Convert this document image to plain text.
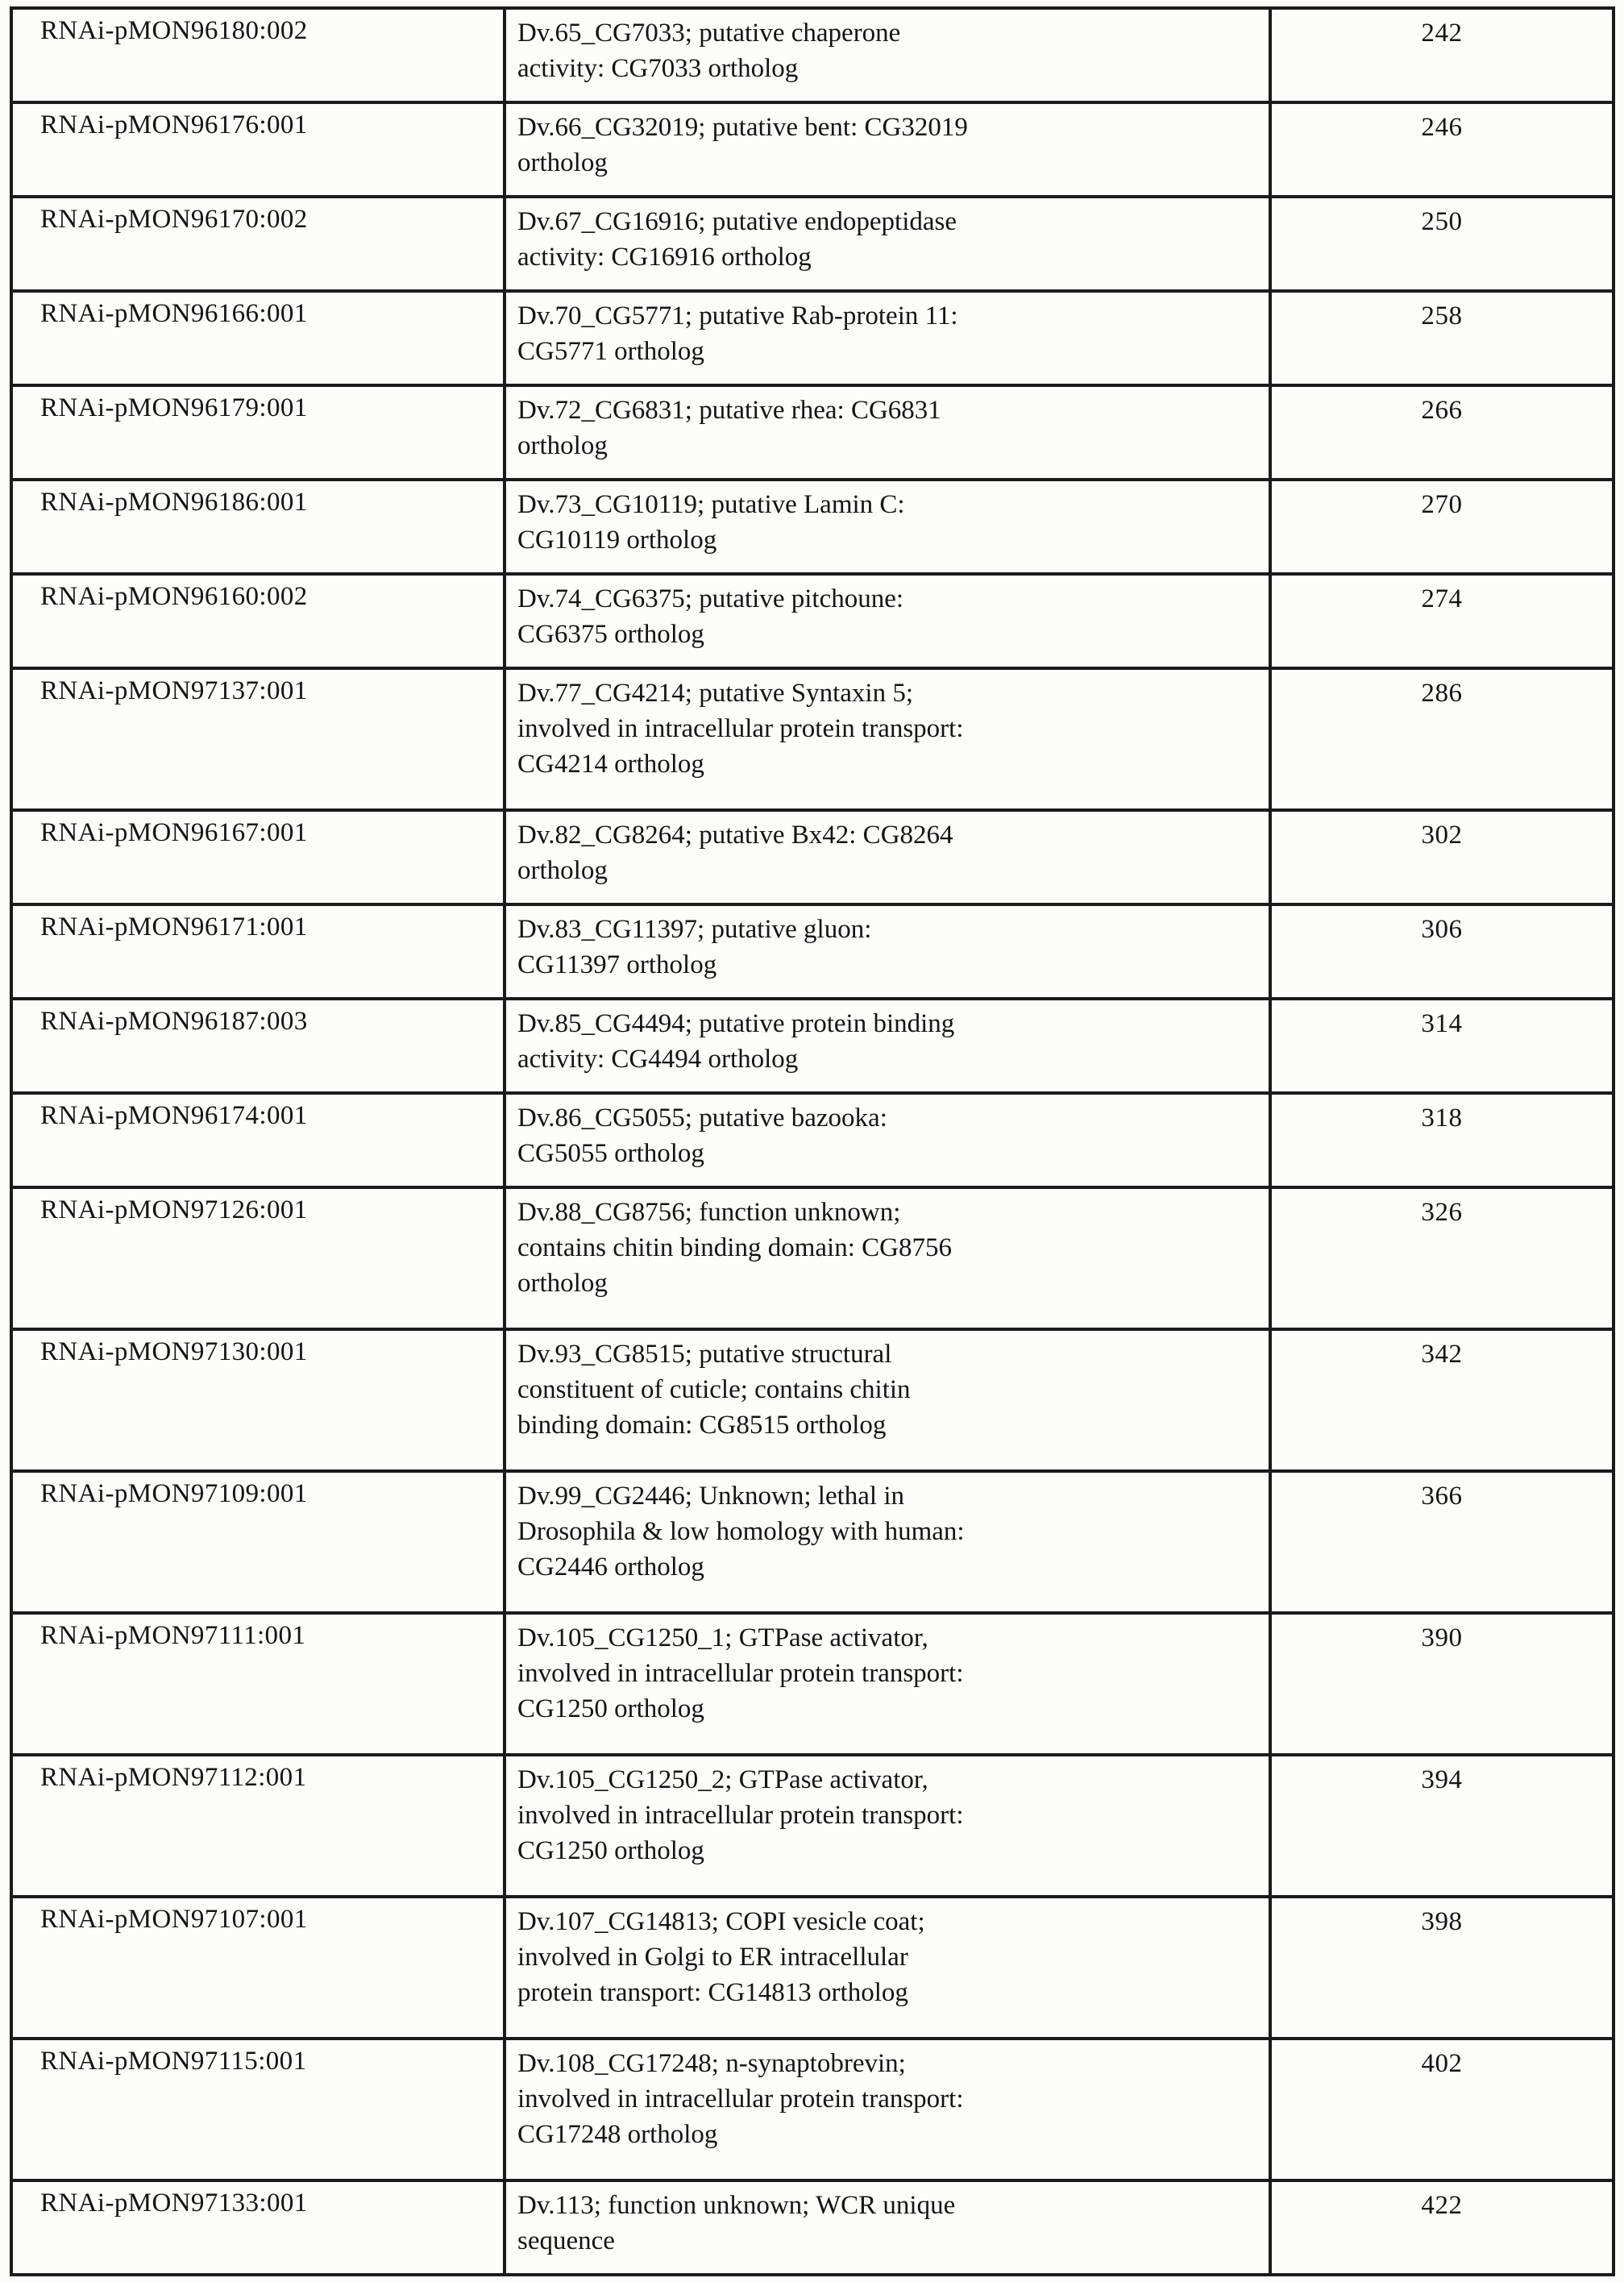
RNAi-pMON96180:002	Dv.65_CG7033; putative chaperone
activity: CG7033 ortholog	242
RNAi-pMON96176:001	Dv.66_CG32019; putative bent: CG32019
ortholog	246
RNAi-pMON96170:002	Dv.67_CG16916; putative endopeptidase
activity: CG16916 ortholog	250
RNAi-pMON96166:001	Dv.70_CG5771; putative Rab-protein 11:
CG5771 ortholog	258
RNAi-pMON96179:001	Dv.72_CG6831; putative rhea: CG6831
ortholog	266
RNAi-pMON96186:001	Dv.73_CG10119; putative Lamin C:
CG10119 ortholog	270
RNAi-pMON96160:002	Dv.74_CG6375; putative pitchoune:
CG6375 ortholog	274
RNAi-pMON97137:001	Dv.77_CG4214; putative Syntaxin 5;
involved in intracellular protein transport:
CG4214 ortholog	286
RNAi-pMON96167:001	Dv.82_CG8264; putative Bx42: CG8264
ortholog	302
RNAi-pMON96171:001	Dv.83_CG11397; putative gluon:
CG11397 ortholog	306
RNAi-pMON96187:003	Dv.85_CG4494; putative protein binding
activity: CG4494 ortholog	314
RNAi-pMON96174:001	Dv.86_CG5055; putative bazooka:
CG5055 ortholog	318
RNAi-pMON97126:001	Dv.88_CG8756; function unknown;
contains chitin binding domain: CG8756
ortholog	326
RNAi-pMON97130:001	Dv.93_CG8515; putative structural
constituent of cuticle; contains chitin
binding domain: CG8515 ortholog	342
RNAi-pMON97109:001	Dv.99_CG2446; Unknown; lethal in
Drosophila & low homology with human:
CG2446 ortholog	366
RNAi-pMON97111:001	Dv.105_CG1250_1; GTPase activator,
involved in intracellular protein transport:
CG1250 ortholog	390
RNAi-pMON97112:001	Dv.105_CG1250_2; GTPase activator,
involved in intracellular protein transport:
CG1250 ortholog	394
RNAi-pMON97107:001	Dv.107_CG14813; COPI vesicle coat;
involved in Golgi to ER intracellular
protein transport: CG14813 ortholog	398
RNAi-pMON97115:001	Dv.108_CG17248; n-synaptobrevin;
involved in intracellular protein transport:
CG17248 ortholog	402
RNAi-pMON97133:001	Dv.113; function unknown; WCR unique
sequence	422
